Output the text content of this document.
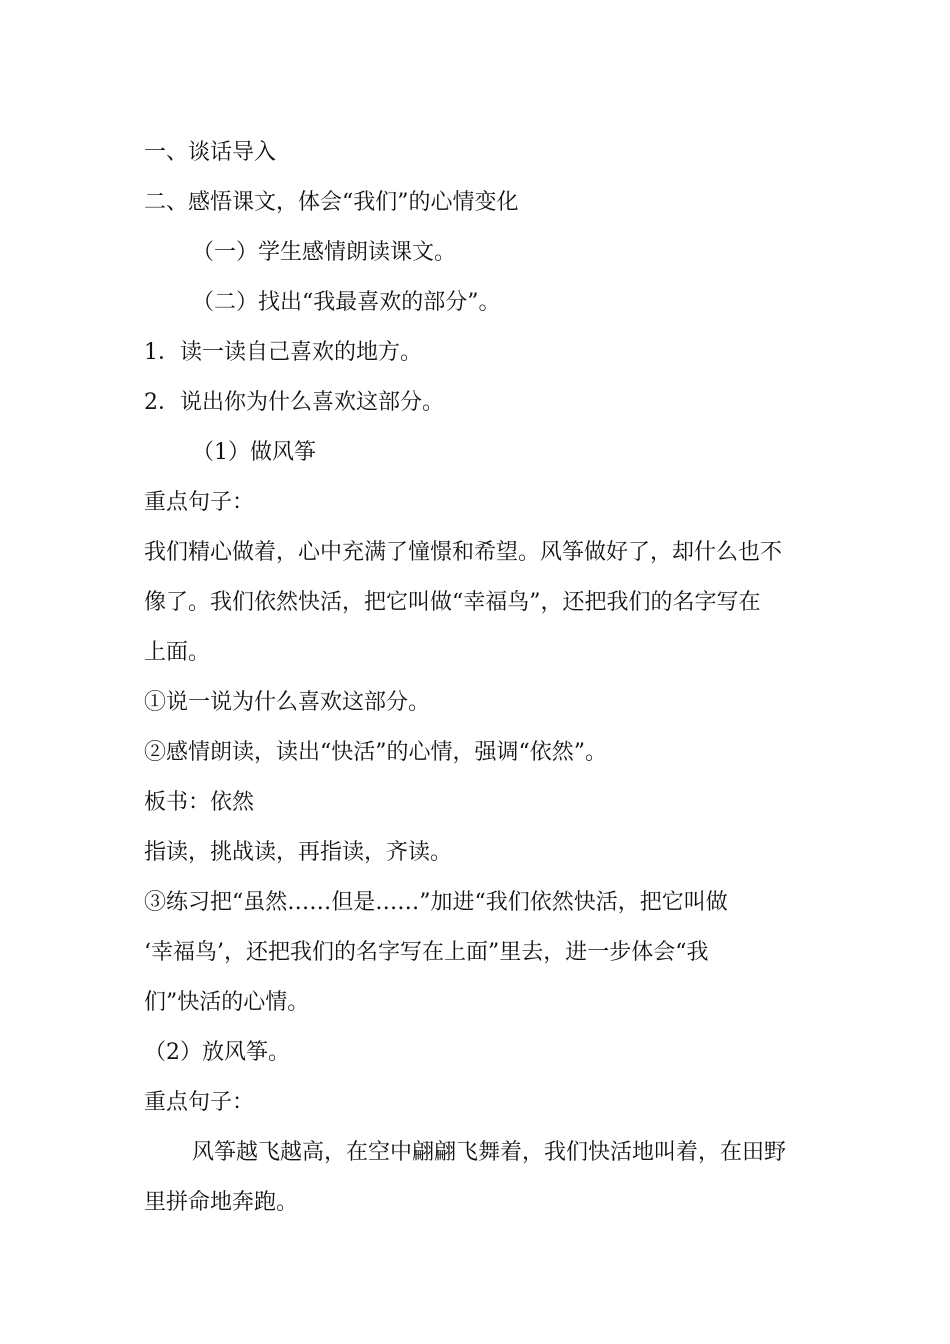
一、谈话导入

二、感悟课文，体会“我们”的心情变化

（一）学生感情朗读课文。

（二）找出“我最喜欢的部分”。

1．读一读自己喜欢的地方。

2．说出你为什么喜欢这部分。

（1）做风筝

重点句子：

我们精心做着，心中充满了憧憬和希望。风筝做好了，却什么也不

像了。我们依然快活，把它叫做“幸福鸟”，还把我们的名字写在

上面。

①说一说为什么喜欢这部分。

②感情朗读，读出“快活”的心情，强调“依然”。

板书：依然

指读，挑战读，再指读，齐读。

③练习把“虽然……但是……”加进“我们依然快活，把它叫做

‘幸福鸟’，还把我们的名字写在上面”里去，进一步体会“我

们”快活的心情。

（2）放风筝。

重点句子：

风筝越飞越高，在空中翩翩飞舞着，我们快活地叫着，在田野

里拼命地奔跑。
